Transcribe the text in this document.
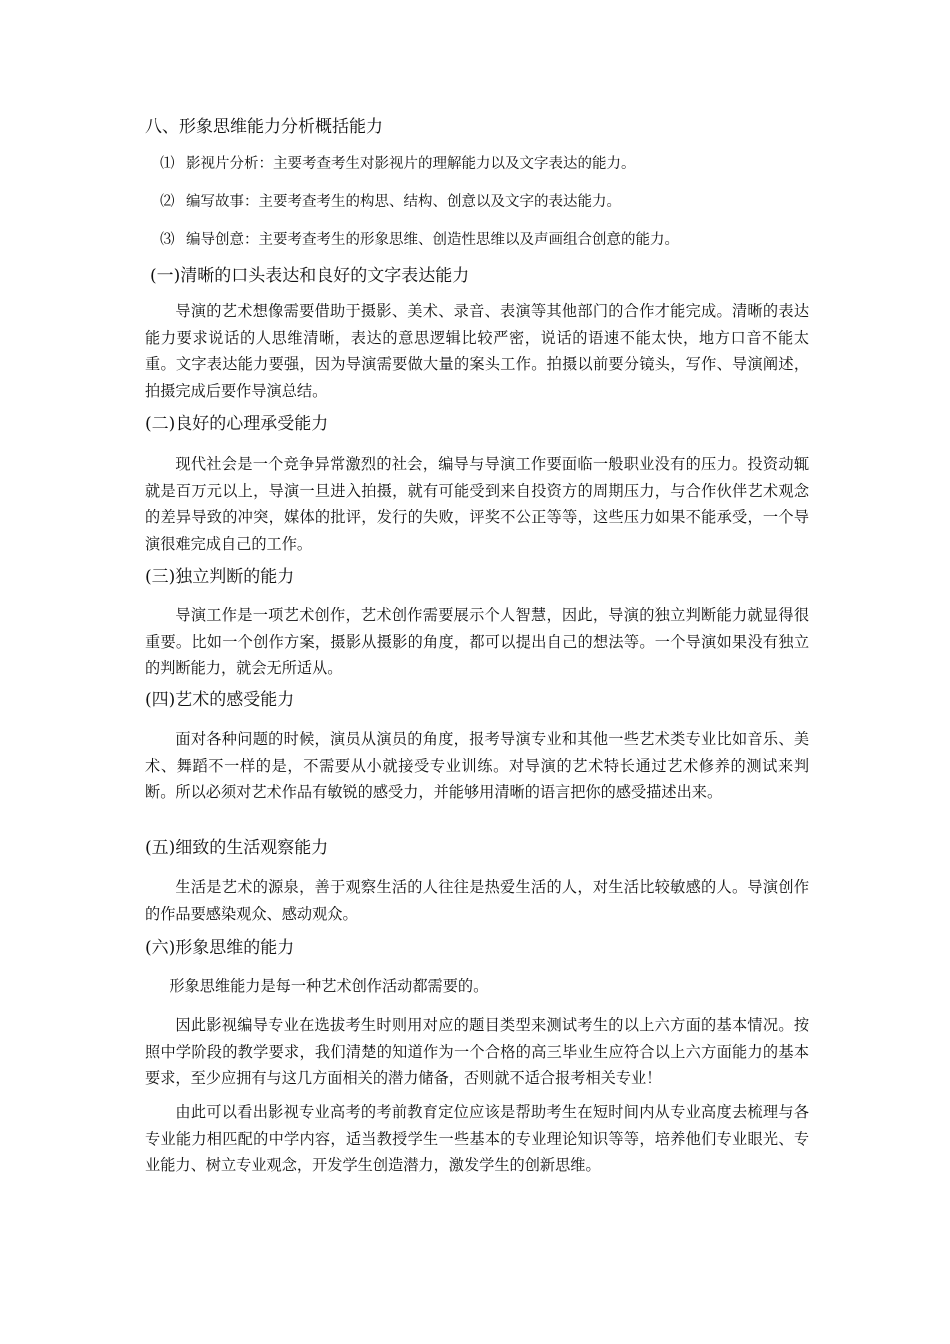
八、形象思维能力分析概括能力
⑴ 影视片分析：主要考查考生对影视片的理解能力以及文字表达的能力。
⑵ 编写故事：主要考查考生的构思、结构、创意以及文字的表达能力。
⑶ 编导创意：主要考查考生的形象思维、创造性思维以及声画组合创意的能力。
(一)清晰的口头表达和良好的文字表达能力
导演的艺术想像需要借助于摄影、美术、录音、表演等其他部门的合作才能完成。清晰的表达能力要求说话的人思维清晰，表达的意思逻辑比较严密，说话的语速不能太快，地方口音不能太重。文字表达能力要强，因为导演需要做大量的案头工作。拍摄以前要分镜头，写作、导演阐述，拍摄完成后要作导演总结。
(二)良好的心理承受能力
现代社会是一个竞争异常激烈的社会，编导与导演工作要面临一般职业没有的压力。投资动辄就是百万元以上，导演一旦进入拍摄，就有可能受到来自投资方的周期压力，与合作伙伴艺术观念的差异导致的冲突，媒体的批评，发行的失败，评奖不公正等等，这些压力如果不能承受，一个导演很难完成自己的工作。
(三)独立判断的能力
导演工作是一项艺术创作，艺术创作需要展示个人智慧，因此，导演的独立判断能力就显得很重要。比如一个创作方案，摄影从摄影的角度，都可以提出自己的想法等。一个导演如果没有独立的判断能力，就会无所适从。
(四)艺术的感受能力
面对各种问题的时候，演员从演员的角度，报考导演专业和其他一些艺术类专业比如音乐、美术、舞蹈不一样的是，不需要从小就接受专业训练。对导演的艺术特长通过艺术修养的测试来判断。所以必须对艺术作品有敏锐的感受力，并能够用清晰的语言把你的感受描述出来。
(五)细致的生活观察能力
生活是艺术的源泉，善于观察生活的人往往是热爱生活的人，对生活比较敏感的人。导演创作的作品要感染观众、感动观众。
(六)形象思维的能力
形象思维能力是每一种艺术创作活动都需要的。
因此影视编导专业在选拔考生时则用对应的题目类型来测试考生的以上六方面的基本情况。按照中学阶段的教学要求，我们清楚的知道作为一个合格的高三毕业生应符合以上六方面能力的基本要求，至少应拥有与这几方面相关的潜力储备，否则就不适合报考相关专业！
由此可以看出影视专业高考的考前教育定位应该是帮助考生在短时间内从专业高度去梳理与各专业能力相匹配的中学内容，适当教授学生一些基本的专业理论知识等等，培养他们专业眼光、专业能力、树立专业观念，开发学生创造潜力，激发学生的创新思维。
